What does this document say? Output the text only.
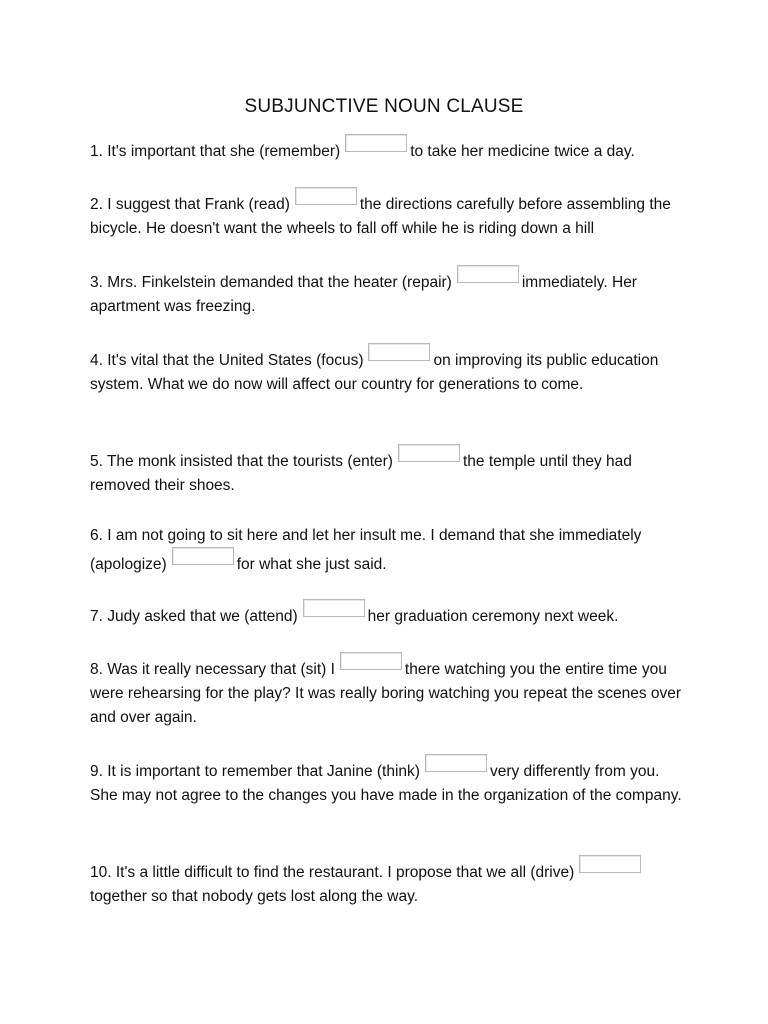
SUBJUNCTIVE NOUN CLAUSE
1. It's important that she (remember)	to take her medicine twice a day.
2. I suggest that Frank (read)	the directions carefully before assembling the bicycle. He doesn't want the wheels to fall off while he is riding down a hill
3. Mrs. Finkelstein demanded that the heater (repair)	immediately. Her apartment was freezing.
4. It's vital that the United States (focus)	on improving its public education system. What we do now will affect our country for generations to come.
5. The monk insisted that the tourists (enter)	the temple until they had removed their shoes.
6. I am not going to sit here and let her insult me. I demand that she immediately (apologize)	for what she just said.
7. Judy asked that we (attend)	her graduation ceremony next week.
8. Was it really necessary that (sit) I	there watching you the entire time you were rehearsing for the play? It was really boring watching you repeat the scenes over and over again.
9. It is important to remember that Janine (think)	very differently from you. She may not agree to the changes you have made in the organization of the company.
10. It's a little difficult to find the restaurant. I propose that we all (drive)together so that nobody gets lost along the way.
